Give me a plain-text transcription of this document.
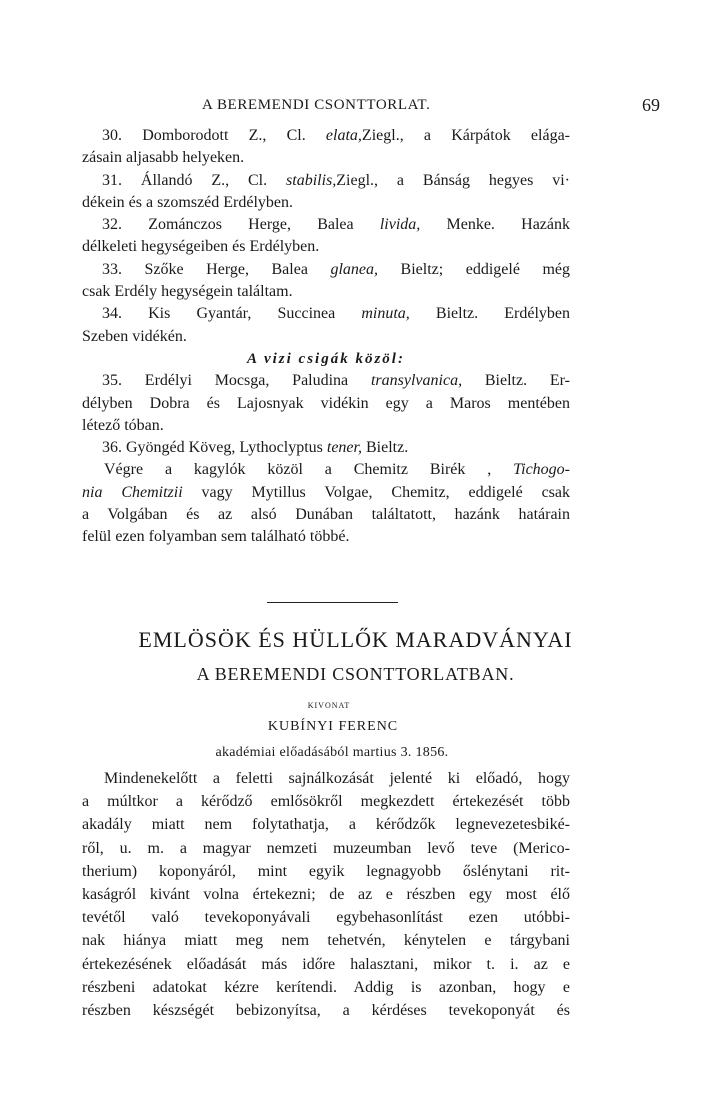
A BEREMENDI CSONTTORLAT.	69
30. Domborodott Z., Cl. elata,Ziegl., a Kárpátok elága-
zásain aljasabb helyeken.
31. Állandó Z., Cl. stabilis,Ziegl., a Bánság hegyes vi·
dékein és a szomszéd Erdélyben.
32. Zománczos Herge, Balea livida, Menke. Hazánk
délkeleti hegységeiben és Erdélyben.
33. Szőke Herge, Balea glanea, Bieltz; eddigelé még
csak Erdély hegységein találtam.
34. Kis Gyantár, Succinea minuta, Bieltz. Erdélyben
Szeben vidékén.
A vizi csigák közöl:
35. Erdélyi Mocsga, Paludina transylvanica, Bieltz. Er-
délyben Dobra és Lajosnyak vidékin egy a Maros mentében
létező tóban.
36. Gyöngéd Köveg, Lythoclyptus tener, Bieltz.
Végre a kagylók közöl a Chemitz Birék , Tichogo-
nia Chemitzii vagy Mytillus Volgae, Chemitz, eddigelé csak
a Volgában és az alsó Dunában találtatott, hazánk határain
felül ezen folyamban sem található többé.
EMLÖSÖK ÉS HÜLLŐK MARADVÁNYAI
A BEREMENDI CSONTTORLATBAN.
KIVONAT
KUBÍNYI FERENC
akadémiai előadásából martius 3. 1856.
Mindenekelőtt a feletti sajnálkozását jelenté ki előadó, hogy
a múltkor a kérődző emlősökről megkezdett értekezését több
akadály miatt nem folytathatja, a kérődzők legnevezetesbiké-
ről, u. m. a magyar nemzeti muzeumban levő teve (Merico-
therium) koponyáról, mint egyik legnagyobb őslénytani rit-
kaságról kivánt volna értekezni; de az e részben egy most élő
tevétől való tevekoponyávali egybehasonlítást ezen utóbbi-
nak hiánya miatt meg nem tehetvén, kénytelen e tárgybani
értekezésének előadását más időre halasztani, mikor t. i. az e
részbeni adatokat kézre kerítendi. Addig is azonban, hogy e
részben készségét bebizonyítsa, a kérdéses tevekoponyát és
